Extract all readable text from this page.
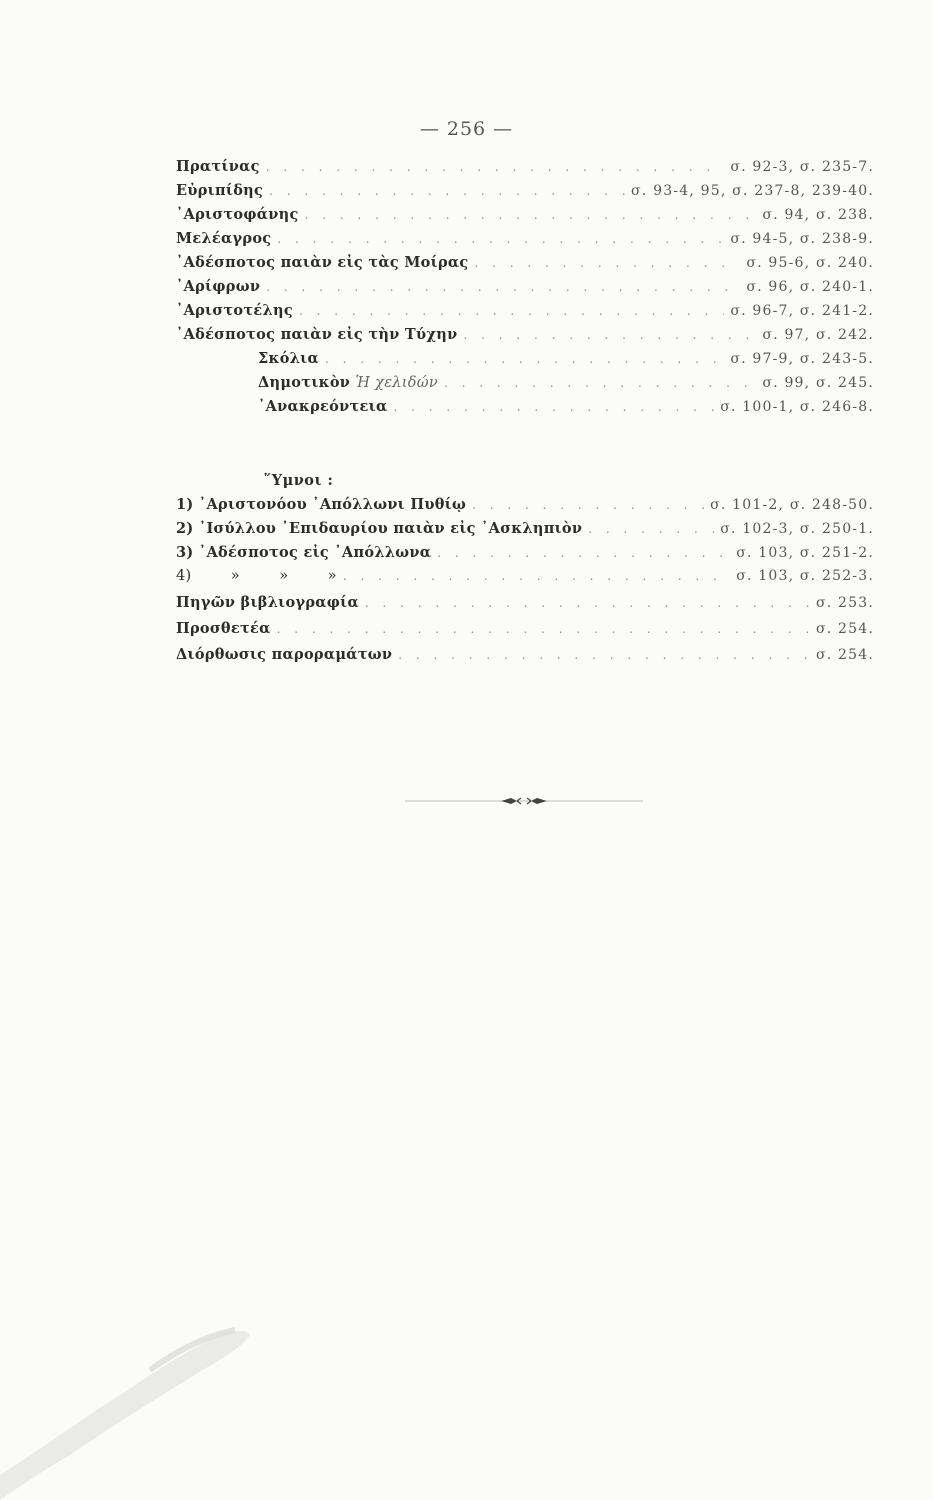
— 256 —
Πρατίνας . . .	σ. 92-3, σ. 235-7.
Εὐριπίδης . . .	σ. 93-4, 95, σ. 237-8, 239-40.
᾿Αριστοφάνης . . .	σ. 94, σ. 238.
Μελέαγρος . . .	σ. 94-5, σ. 238-9.
᾿Αδέσποτος παιὰν εἰς τὰς Μοίρας . . .	σ. 95-6, σ. 240.
᾿Αρίφρων . . .	σ. 96, σ. 240-1.
᾿Αριστοτέλης . . .	σ. 96-7, σ. 241-2.
᾿Αδέσποτος παιὰν εἰς τὴν Τύχην . . .	σ. 97, σ. 242.
Σκόλια . . .	σ. 97-9, σ. 243-5.
Δημοτικὸν Ἡ χελιδών . . .	σ. 99, σ. 245.
᾿Ανακρεόντεια . . .	σ. 100-1, σ. 246-8.
῞Υμνοι :
1) ᾿Αριστονόου ᾿Απόλλωνι Πυθίῳ . . .	σ. 101-2, σ. 248-50.
2) ᾿Ισύλλου ᾿Επιδαυρίου παιὰν εἰς ᾿Ασκληπιὸν . . .	σ. 102-3, σ. 250-1.
3) ᾿Αδέσποτος εἰς ᾿Απόλλωνα . . .	σ. 103, σ. 251-2.
4)        »        »        » . . .	σ. 103, σ. 252-3.
Πηγῶν βιβλιογραφία . . .	σ. 253.
Προσθετέα . . .	σ. 254.
Διόρθωσις παροραμάτων . . .	σ. 254.
